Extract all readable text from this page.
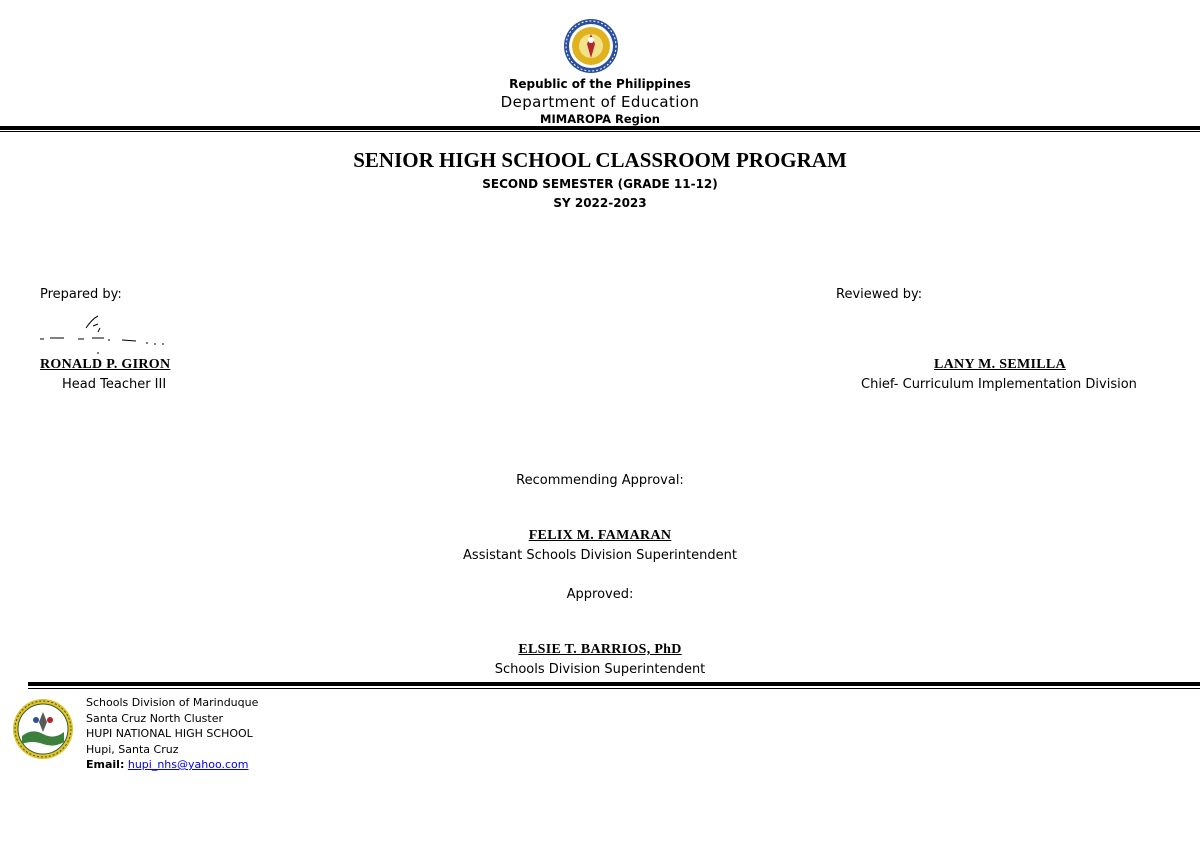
Republic of the Philippines
Department of Education
MIMAROPA Region
SENIOR HIGH SCHOOL CLASSROOM PROGRAM
SECOND SEMESTER (GRADE 11-12)
SY 2022-2023
Prepared by:	Reviewed by:
RONALD P. GIRON
Head Teacher III
LANY M. SEMILLA
Chief- Curriculum Implementation Division
Recommending Approval:
FELIX M. FAMARAN
Assistant Schools Division Superintendent
Approved:
ELSIE T. BARRIOS, PhD
Schools Division Superintendent
Schools Division of Marinduque
Santa Cruz North Cluster
HUPI NATIONAL HIGH SCHOOL
Hupi, Santa Cruz
Email: hupi_nhs@yahoo.com
